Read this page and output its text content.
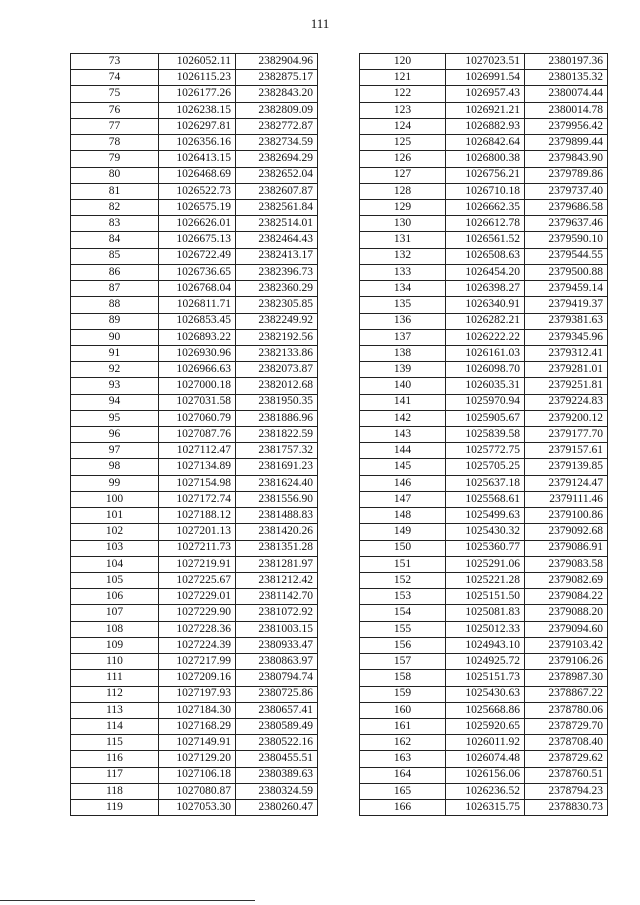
111
73	1026052.11	2382904.96
74	1026115.23	2382875.17
75	1026177.26	2382843.20
76	1026238.15	2382809.09
77	1026297.81	2382772.87
78	1026356.16	2382734.59
79	1026413.15	2382694.29
80	1026468.69	2382652.04
81	1026522.73	2382607.87
82	1026575.19	2382561.84
83	1026626.01	2382514.01
84	1026675.13	2382464.43
85	1026722.49	2382413.17
86	1026736.65	2382396.73
87	1026768.04	2382360.29
88	1026811.71	2382305.85
89	1026853.45	2382249.92
90	1026893.22	2382192.56
91	1026930.96	2382133.86
92	1026966.63	2382073.87
93	1027000.18	2382012.68
94	1027031.58	2381950.35
95	1027060.79	2381886.96
96	1027087.76	2381822.59
97	1027112.47	2381757.32
98	1027134.89	2381691.23
99	1027154.98	2381624.40
100	1027172.74	2381556.90
101	1027188.12	2381488.83
102	1027201.13	2381420.26
103	1027211.73	2381351.28
104	1027219.91	2381281.97
105	1027225.67	2381212.42
106	1027229.01	2381142.70
107	1027229.90	2381072.92
108	1027228.36	2381003.15
109	1027224.39	2380933.47
110	1027217.99	2380863.97
111	1027209.16	2380794.74
112	1027197.93	2380725.86
113	1027184.30	2380657.41
114	1027168.29	2380589.49
115	1027149.91	2380522.16
116	1027129.20	2380455.51
117	1027106.18	2380389.63
118	1027080.87	2380324.59
119	1027053.30	2380260.47
120	1027023.51	2380197.36
121	1026991.54	2380135.32
122	1026957.43	2380074.44
123	1026921.21	2380014.78
124	1026882.93	2379956.42
125	1026842.64	2379899.44
126	1026800.38	2379843.90
127	1026756.21	2379789.86
128	1026710.18	2379737.40
129	1026662.35	2379686.58
130	1026612.78	2379637.46
131	1026561.52	2379590.10
132	1026508.63	2379544.55
133	1026454.20	2379500.88
134	1026398.27	2379459.14
135	1026340.91	2379419.37
136	1026282.21	2379381.63
137	1026222.22	2379345.96
138	1026161.03	2379312.41
139	1026098.70	2379281.01
140	1026035.31	2379251.81
141	1025970.94	2379224.83
142	1025905.67	2379200.12
143	1025839.58	2379177.70
144	1025772.75	2379157.61
145	1025705.25	2379139.85
146	1025637.18	2379124.47
147	1025568.61	2379111.46
148	1025499.63	2379100.86
149	1025430.32	2379092.68
150	1025360.77	2379086.91
151	1025291.06	2379083.58
152	1025221.28	2379082.69
153	1025151.50	2379084.22
154	1025081.83	2379088.20
155	1025012.33	2379094.60
156	1024943.10	2379103.42
157	1024925.72	2379106.26
158	1025151.73	2378987.30
159	1025430.63	2378867.22
160	1025668.86	2378780.06
161	1025920.65	2378729.70
162	1026011.92	2378708.40
163	1026074.48	2378729.62
164	1026156.06	2378760.51
165	1026236.52	2378794.23
166	1026315.75	2378830.73
